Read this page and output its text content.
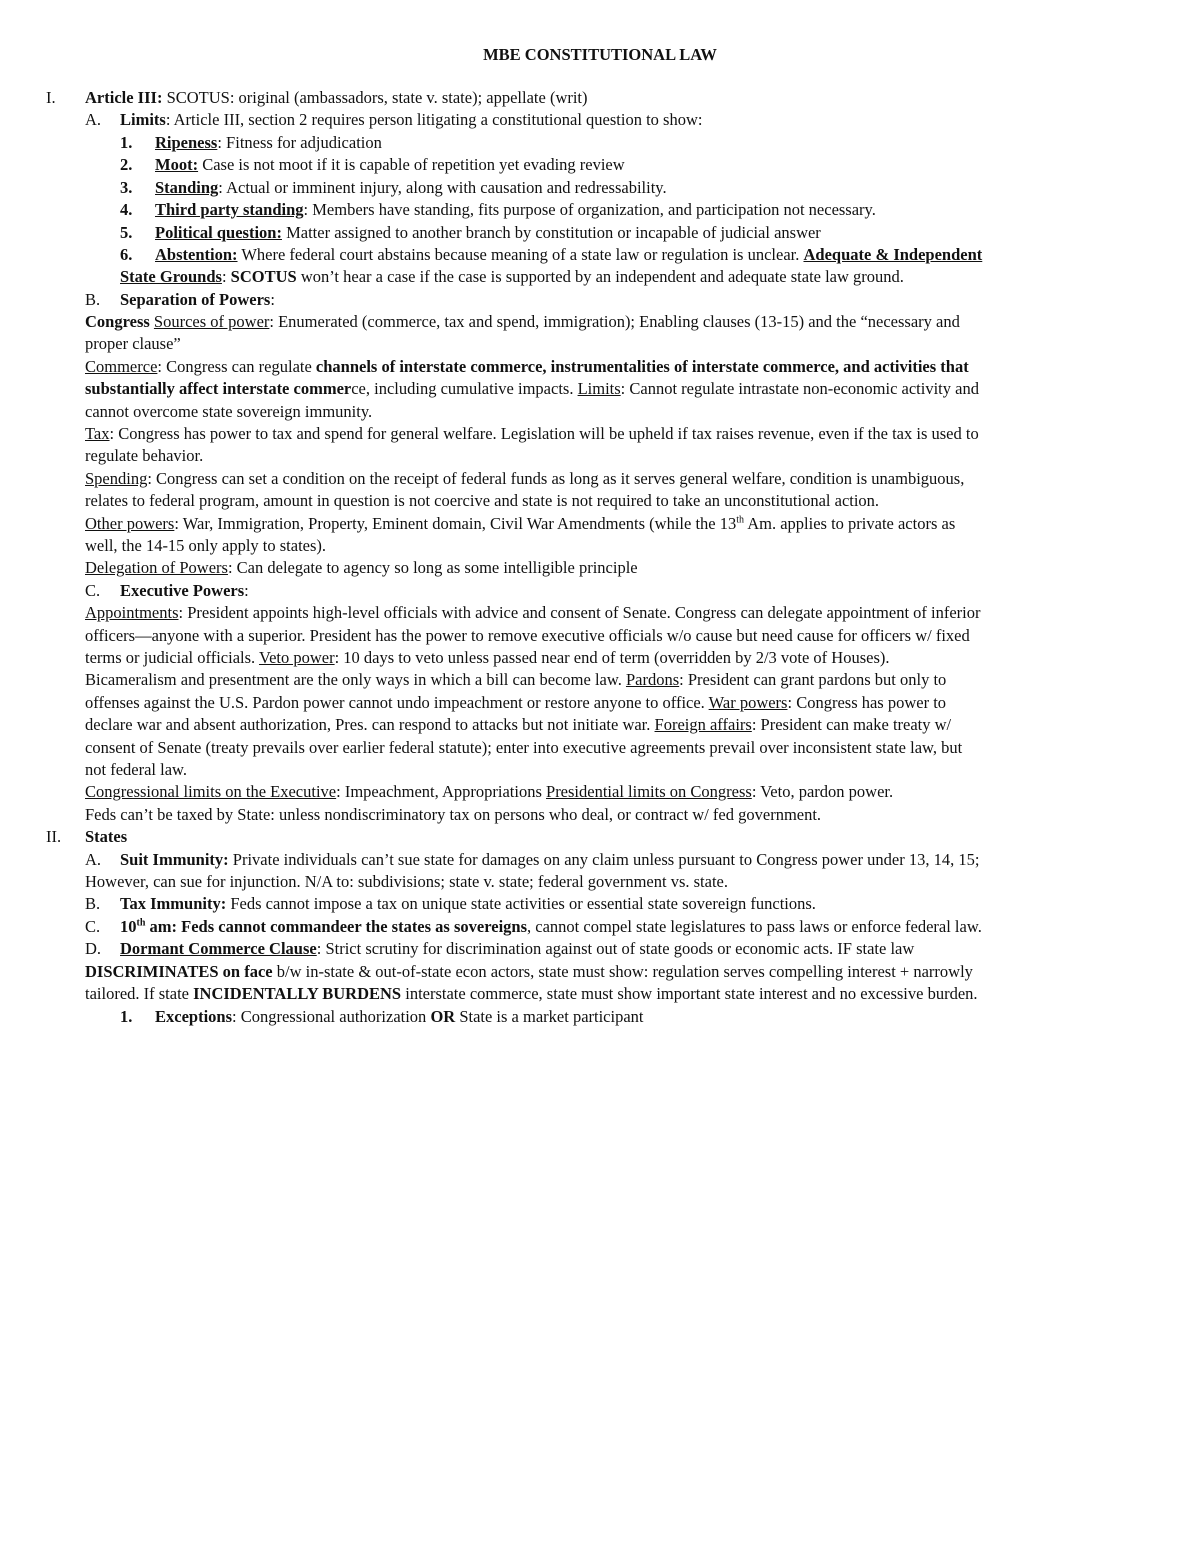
MBE CONSTITUTIONAL LAW
I. Article III: SCOTUS: original (ambassadors, state v. state); appellate (writ)
A. Limits: Article III, section 2 requires person litigating a constitutional question to show:
1. Ripeness: Fitness for adjudication
2. Moot: Case is not moot if it is capable of repetition yet evading review
3. Standing: Actual or imminent injury, along with causation and redressability.
4. Third party standing: Members have standing, fits purpose of organization, and participation not necessary.
5. Political question: Matter assigned to another branch by constitution or incapable of judicial answer
6. Abstention: Where federal court abstains because meaning of a state law or regulation is unclear. Adequate & Independent
State Grounds: SCOTUS won’t hear a case if the case is supported by an independent and adequate state law ground.
B. Separation of Powers:
Congress Sources of power: Enumerated (commerce, tax and spend, immigration); Enabling clauses (13-15) and the “necessary and
proper clause”
Commerce: Congress can regulate channels of interstate commerce, instrumentalities of interstate commerce, and activities that
substantially affect interstate commerce, including cumulative impacts. Limits: Cannot regulate intrastate non-economic activity and
cannot overcome state sovereign immunity.
Tax: Congress has power to tax and spend for general welfare. Legislation will be upheld if tax raises revenue, even if the tax is used to
regulate behavior.
Spending: Congress can set a condition on the receipt of federal funds as long as it serves general welfare, condition is unambiguous,
relates to federal program, amount in question is not coercive and state is not required to take an unconstitutional action.
Other powers: War, Immigration, Property, Eminent domain, Civil War Amendments (while the 13th Am. applies to private actors as
well, the 14-15 only apply to states).
Delegation of Powers: Can delegate to agency so long as some intelligible principle
C. Executive Powers:
Appointments: President appoints high-level officials with advice and consent of Senate. Congress can delegate appointment of inferior
officers—anyone with a superior. President has the power to remove executive officials w/o cause but need cause for officers w/ fixed
terms or judicial officials. Veto power: 10 days to veto unless passed near end of term (overridden by 2/3 vote of Houses).
Bicameralism and presentment are the only ways in which a bill can become law. Pardons: President can grant pardons but only to
offenses against the U.S. Pardon power cannot undo impeachment or restore anyone to office. War powers: Congress has power to
declare war and absent authorization, Pres. can respond to attacks but not initiate war. Foreign affairs: President can make treaty w/
consent of Senate (treaty prevails over earlier federal statute); enter into executive agreements prevail over inconsistent state law, but
not federal law.
Congressional limits on the Executive: Impeachment, Appropriations Presidential limits on Congress: Veto, pardon power.
Feds can’t be taxed by State: unless nondiscriminatory tax on persons who deal, or contract w/ fed government.
II. States
A. Suit Immunity: Private individuals can’t sue state for damages on any claim unless pursuant to Congress power under 13, 14, 15;
However, can sue for injunction. N/A to: subdivisions; state v. state; federal government vs. state.
B. Tax Immunity: Feds cannot impose a tax on unique state activities or essential state sovereign functions.
C. 10th am: Feds cannot commandeer the states as sovereigns, cannot compel state legislatures to pass laws or enforce federal law.
D. Dormant Commerce Clause: Strict scrutiny for discrimination against out of state goods or economic acts. IF state law
DISCRIMINATES on face b/w in-state & out-of-state econ actors, state must show: regulation serves compelling interest + narrowly
tailored. If state INCIDENTALLY BURDENS interstate commerce, state must show important state interest and no excessive burden.
1. Exceptions: Congressional authorization OR State is a market participant
